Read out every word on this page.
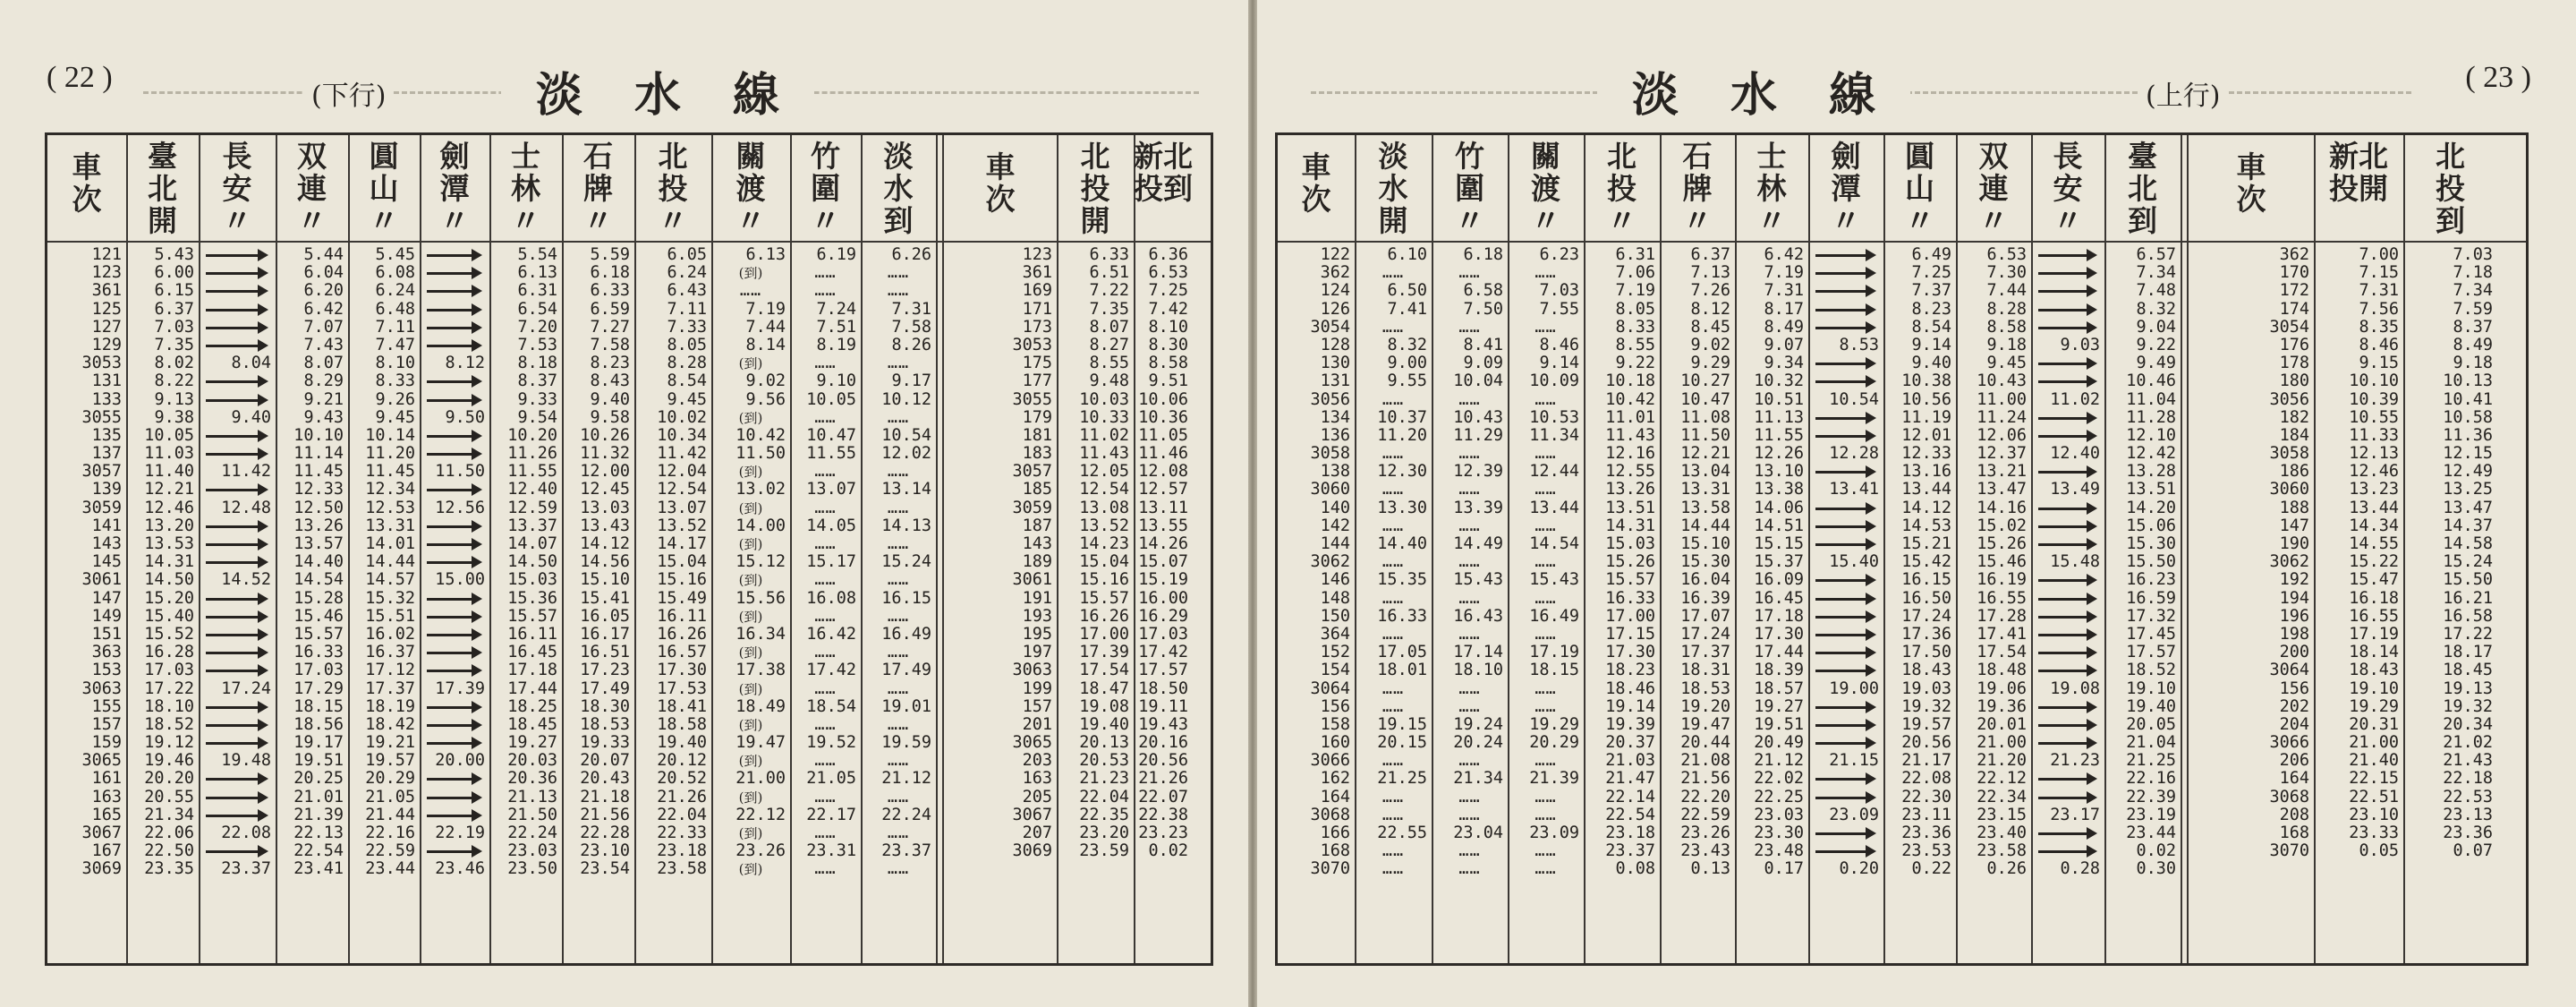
( 22 )
(下行)	淡 水 線
車
次
121
123
361
125
127
129
3053
131
133
3055
135
137
3057
139
3059
141
143
145
3061
147
149
151
363
153
3063
155
157
159
3065
161
163
165
3067
167
3069
臺
北
開
5.43
6.00
6.15
6.37
7.03
7.35
8.02
8.22
9.13
9.38
10.05
11.03
11.40
12.21
12.46
13.20
13.53
14.31
14.50
15.20
15.40
15.52
16.28
17.03
17.22
18.10
18.52
19.12
19.46
20.20
20.55
21.34
22.06
22.50
23.35
長
安
〃
8.04
9.40
11.42
12.48
14.52
17.24
19.48
22.08
23.37
双
連
〃
5.44
6.04
6.20
6.42
7.07
7.43
8.07
8.29
9.21
9.43
10.10
11.14
11.45
12.33
12.50
13.26
13.57
14.40
14.54
15.28
15.46
15.57
16.33
17.03
17.29
18.15
18.56
19.17
19.51
20.25
21.01
21.39
22.13
22.54
23.41
圓
山
〃
5.45
6.08
6.24
6.48
7.11
7.47
8.10
8.33
9.26
9.45
10.14
11.20
11.45
12.34
12.53
13.31
14.01
14.44
14.57
15.32
15.51
16.02
16.37
17.12
17.37
18.19
18.42
19.21
19.57
20.29
21.05
21.44
22.16
22.59
23.44
劍
潭
〃
8.12
9.50
11.50
12.56
15.00
17.39
20.00
22.19
23.46
士
林
〃
5.54
6.13
6.31
6.54
7.20
7.53
8.18
8.37
9.33
9.54
10.20
11.26
11.55
12.40
12.59
13.37
14.07
14.50
15.03
15.36
15.57
16.11
16.45
17.18
17.44
18.25
18.45
19.27
20.03
20.36
21.13
21.50
22.24
23.03
23.50
石
牌
〃
5.59
6.18
6.33
6.59
7.27
7.58
8.23
8.43
9.40
9.58
10.26
11.32
12.00
12.45
13.03
13.43
14.12
14.56
15.10
15.41
16.05
16.17
16.51
17.23
17.49
18.30
18.53
19.33
20.07
20.43
21.18
21.56
22.28
23.10
23.54
北
投
〃
6.05
6.24
6.43
7.11
7.33
8.05
8.28
8.54
9.45
10.02
10.34
11.42
12.04
12.54
13.07
13.52
14.17
15.04
15.16
15.49
16.11
16.26
16.57
17.30
17.53
18.41
18.58
19.40
20.12
20.52
21.26
22.04
22.33
23.18
23.58
關
渡
〃
6.13
(到)
……
7.19
7.44
8.14
(到)
9.02
9.56
(到)
10.42
11.50
(到)
13.02
(到)
14.00
(到)
15.12
(到)
15.56
(到)
16.34
(到)
17.38
(到)
18.49
(到)
19.47
(到)
21.00
(到)
22.12
(到)
23.26
(到)
竹
圍
〃
6.19
……
……
7.24
7.51
8.19
……
9.10
10.05
……
10.47
11.55
……
13.07
……
14.05
……
15.17
……
16.08
……
16.42
……
17.42
……
18.54
……
19.52
……
21.05
……
22.17
……
23.31
……
淡
水
到
6.26
……
……
7.31
7.58
8.26
……
9.17
10.12
……
10.54
12.02
……
13.14
……
14.13
……
15.24
……
16.15
……
16.49
……
17.49
……
19.01
……
19.59
……
21.12
……
22.24
……
23.37
……
車
次
123
361
169
171
173
3053
175
177
3055
179
181
183
3057
185
3059
187
143
189
3061
191
193
195
197
3063
199
157
201
3065
203
163
205
3067
207
3069
北
投
開
6.33
6.51
7.22
7.35
8.07
8.27
8.55
9.48
10.03
10.33
11.02
11.43
12.05
12.54
13.08
13.52
14.23
15.04
15.16
15.57
16.26
17.00
17.39
17.54
18.47
19.08
19.40
20.13
20.53
21.23
22.04
22.35
23.20
23.59
新北
投到
6.36
6.53
7.25
7.42
8.10
8.30
8.58
9.51
10.06
10.36
11.05
11.46
12.08
12.57
13.11
13.55
14.26
15.07
15.19
16.00
16.29
17.03
17.42
17.57
18.50
19.11
19.43
20.16
20.56
21.26
22.07
22.38
23.23
0.02
( 23 )
淡 水 線	(上行)
車
次
122
362
124
126
3054
128
130
131
3056
134
136
3058
138
3060
140
142
144
3062
146
148
150
364
152
154
3064
156
158
160
3066
162
164
3068
166
168
3070
淡
水
開
6.10
……
6.50
7.41
……
8.32
9.00
9.55
……
10.37
11.20
……
12.30
……
13.30
……
14.40
……
15.35
……
16.33
……
17.05
18.01
……
……
19.15
20.15
……
21.25
……
……
22.55
……
……
竹
圍
〃
6.18
……
6.58
7.50
……
8.41
9.09
10.04
……
10.43
11.29
……
12.39
……
13.39
……
14.49
……
15.43
……
16.43
……
17.14
18.10
……
……
19.24
20.24
……
21.34
……
……
23.04
……
……
關
渡
〃
6.23
……
7.03
7.55
……
8.46
9.14
10.09
……
10.53
11.34
……
12.44
……
13.44
……
14.54
……
15.43
……
16.49
……
17.19
18.15
……
……
19.29
20.29
……
21.39
……
……
23.09
……
……
北
投
〃
6.31
7.06
7.19
8.05
8.33
8.55
9.22
10.18
10.42
11.01
11.43
12.16
12.55
13.26
13.51
14.31
15.03
15.26
15.57
16.33
17.00
17.15
17.30
18.23
18.46
19.14
19.39
20.37
21.03
21.47
22.14
22.54
23.18
23.37
0.08
石
牌
〃
6.37
7.13
7.26
8.12
8.45
9.02
9.29
10.27
10.47
11.08
11.50
12.21
13.04
13.31
13.58
14.44
15.10
15.30
16.04
16.39
17.07
17.24
17.37
18.31
18.53
19.20
19.47
20.44
21.08
21.56
22.20
22.59
23.26
23.43
0.13
士
林
〃
6.42
7.19
7.31
8.17
8.49
9.07
9.34
10.32
10.51
11.13
11.55
12.26
13.10
13.38
14.06
14.51
15.15
15.37
16.09
16.45
17.18
17.30
17.44
18.39
18.57
19.27
19.51
20.49
21.12
22.02
22.25
23.03
23.30
23.48
0.17
劍
潭
〃
8.53
10.54
12.28
13.41
15.40
19.00
21.15
23.09
0.20
圓
山
〃
6.49
7.25
7.37
8.23
8.54
9.14
9.40
10.38
10.56
11.19
12.01
12.33
13.16
13.44
14.12
14.53
15.21
15.42
16.15
16.50
17.24
17.36
17.50
18.43
19.03
19.32
19.57
20.56
21.17
22.08
22.30
23.11
23.36
23.53
0.22
双
連
〃
6.53
7.30
7.44
8.28
8.58
9.18
9.45
10.43
11.00
11.24
12.06
12.37
13.21
13.47
14.16
15.02
15.26
15.46
16.19
16.55
17.28
17.41
17.54
18.48
19.06
19.36
20.01
21.00
21.20
22.12
22.34
23.15
23.40
23.58
0.26
長
安
〃
9.03
11.02
12.40
13.49
15.48
19.08
21.23
23.17
0.28
臺
北
到
6.57
7.34
7.48
8.32
9.04
9.22
9.49
10.46
11.04
11.28
12.10
12.42
13.28
13.51
14.20
15.06
15.30
15.50
16.23
16.59
17.32
17.45
17.57
18.52
19.10
19.40
20.05
21.04
21.25
22.16
22.39
23.19
23.44
0.02
0.30
車
次
362
170
172
174
3054
176
178
180
3056
182
184
3058
186
3060
188
147
190
3062
192
194
196
198
200
3064
156
202
204
3066
206
164
3068
208
168
3070
新北
投開
7.00
7.15
7.31
7.56
8.35
8.46
9.15
10.10
10.39
10.55
11.33
12.13
12.46
13.23
13.44
14.34
14.55
15.22
15.47
16.18
16.55
17.19
18.14
18.43
19.10
19.29
20.31
21.00
21.40
22.15
22.51
23.10
23.33
0.05
北
投
到
7.03
7.18
7.34
7.59
8.37
8.49
9.18
10.13
10.41
10.58
11.36
12.15
12.49
13.25
13.47
14.37
14.58
15.24
15.50
16.21
16.58
17.22
18.17
18.45
19.13
19.32
20.34
21.02
21.43
22.18
22.53
23.13
23.36
0.07
